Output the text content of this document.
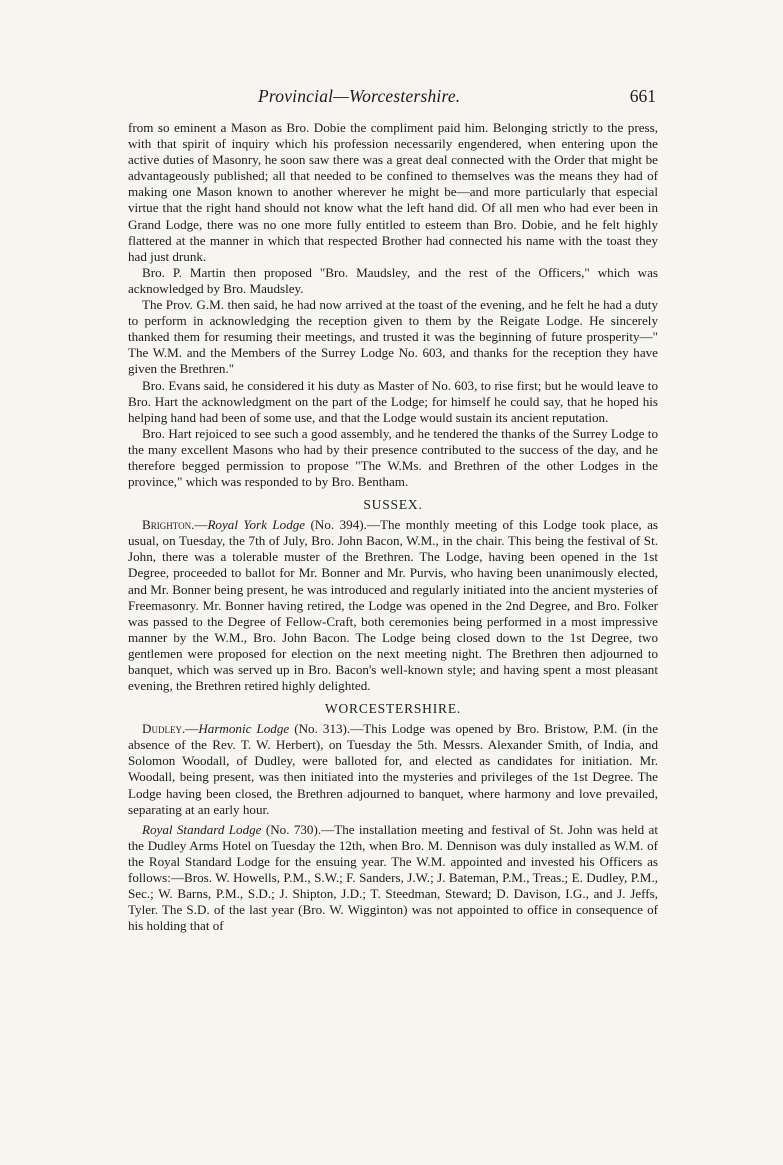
Provincial—Worcestershire.	661

from so eminent a Mason as Bro. Dobie the compliment paid him. Belonging strictly to the press, with that spirit of inquiry which his profession necessarily engendered, when entering upon the active duties of Masonry, he soon saw there was a great deal connected with the Order that might be advantageously published; all that needed to be confined to themselves was the means they had of making one Mason known to another wherever he might be—and more particularly that especial virtue that the right hand should not know what the left hand did. Of all men who had ever been in Grand Lodge, there was no one more fully entitled to esteem than Bro. Dobie, and he felt highly flattered at the manner in which that respected Brother had connected his name with the toast they had just drunk.

Bro. P. Martin then proposed "Bro. Maudsley, and the rest of the Officers," which was acknowledged by Bro. Maudsley.

The Prov. G.M. then said, he had now arrived at the toast of the evening, and he felt he had a duty to perform in acknowledging the reception given to them by the Reigate Lodge. He sincerely thanked them for resuming their meetings, and trusted it was the beginning of future prosperity—" The W.M. and the Members of the Surrey Lodge No. 603, and thanks for the reception they have given the Brethren."

Bro. Evans said, he considered it his duty as Master of No. 603, to rise first; but he would leave to Bro. Hart the acknowledgment on the part of the Lodge; for himself he could say, that he hoped his helping hand had been of some use, and that the Lodge would sustain its ancient reputation.

Bro. Hart rejoiced to see such a good assembly, and he tendered the thanks of the Surrey Lodge to the many excellent Masons who had by their presence contributed to the success of the day, and he therefore begged permission to propose "The W.Ms. and Brethren of the other Lodges in the province," which was responded to by Bro. Bentham.

SUSSEX.

Brighton.—Royal York Lodge (No. 394).—The monthly meeting of this Lodge took place, as usual, on Tuesday, the 7th of July, Bro. John Bacon, W.M., in the chair. This being the festival of St. John, there was a tolerable muster of the Brethren. The Lodge, having been opened in the 1st Degree, proceeded to ballot for Mr. Bonner and Mr. Purvis, who having been unanimously elected, and Mr. Bonner being present, he was introduced and regularly initiated into the ancient mysteries of Freemasonry. Mr. Bonner having retired, the Lodge was opened in the 2nd Degree, and Bro. Folker was passed to the Degree of Fellow-Craft, both ceremonies being performed in a most impressive manner by the W.M., Bro. John Bacon. The Lodge being closed down to the 1st Degree, two gentlemen were proposed for election on the next meeting night. The Brethren then adjourned to banquet, which was served up in Bro. Bacon's well-known style; and having spent a most pleasant evening, the Brethren retired highly delighted.

WORCESTERSHIRE.

Dudley.—Harmonic Lodge (No. 313).—This Lodge was opened by Bro. Bristow, P.M. (in the absence of the Rev. T. W. Herbert), on Tuesday the 5th. Messrs. Alexander Smith, of India, and Solomon Woodall, of Dudley, were balloted for, and elected as candidates for initiation. Mr. Woodall, being present, was then initiated into the mysteries and privileges of the 1st Degree. The Lodge having been closed, the Brethren adjourned to banquet, where harmony and love prevailed, separating at an early hour.

Royal Standard Lodge (No. 730).—The installation meeting and festival of St. John was held at the Dudley Arms Hotel on Tuesday the 12th, when Bro. M. Dennison was duly installed as W.M. of the Royal Standard Lodge for the ensuing year. The W.M. appointed and invested his Officers as follows:—Bros. W. Howells, P.M., S.W.; F. Sanders, J.W.; J. Bateman, P.M., Treas.; E. Dudley, P.M., Sec.; W. Barns, P.M., S.D.; J. Shipton, J.D.; T. Steedman, Steward; D. Davison, I.G., and J. Jeffs, Tyler. The S.D. of the last year (Bro. W. Wigginton) was not appointed to office in consequence of his holding that of
